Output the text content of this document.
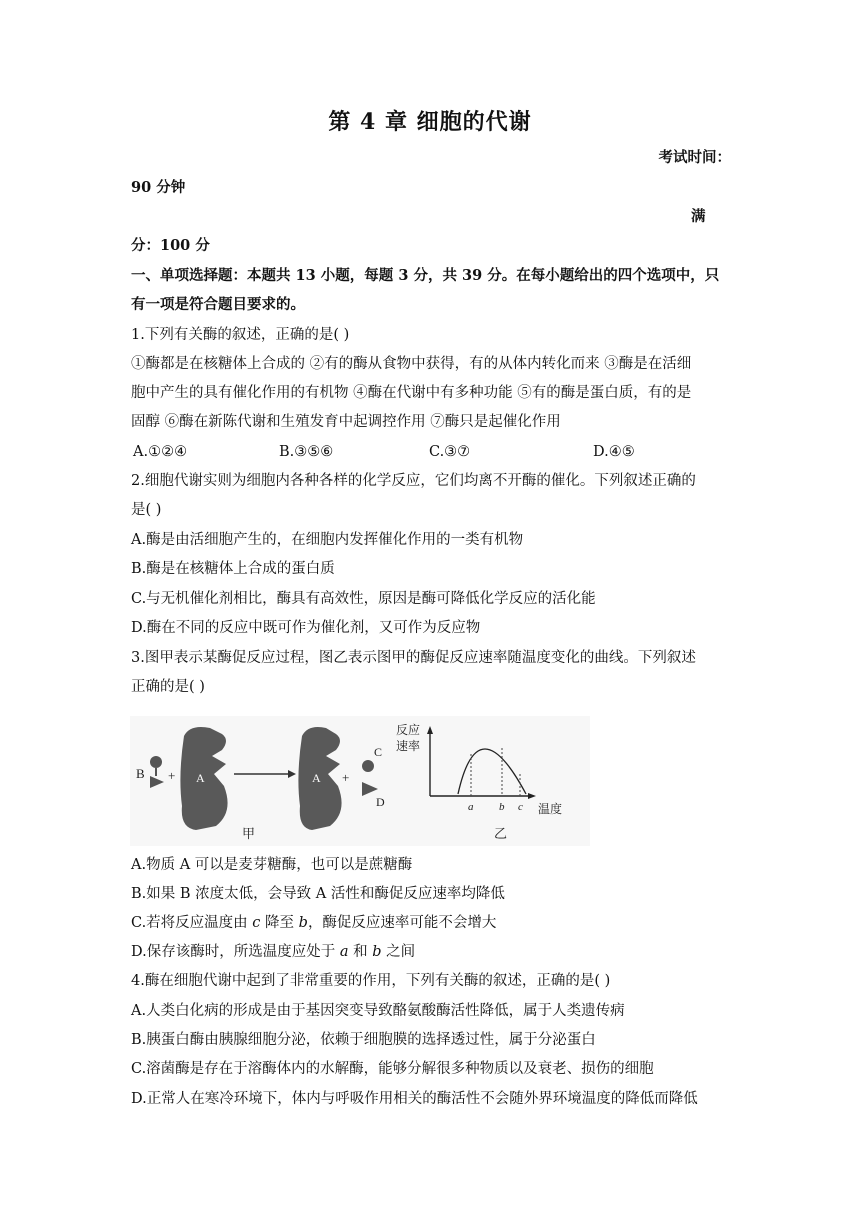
第 4 章 细胞的代谢
考试时间：
90 分钟
满
分：100 分
一、单项选择题：本题共 13 小题，每题 3 分，共 39 分。在每小题给出的四个选项中，只
有一项是符合题目要求的。
1.下列有关酶的叙述，正确的是( )
①酶都是在核糖体上合成的 ②有的酶从食物中获得，有的从体内转化而来 ③酶是在活细
胞中产生的具有催化作用的有机物 ④酶在代谢中有多种功能 ⑤有的酶是蛋白质，有的是
固醇 ⑥酶在新陈代谢和生殖发育中起调控作用 ⑦酶只是起催化作用
A.①②④	B.③⑤⑥	C.③⑦	D.④⑤
2.细胞代谢实则为细胞内各种各样的化学反应，它们均离不开酶的催化。下列叙述正确的
是( )
A.酶是由活细胞产生的，在细胞内发挥催化作用的一类有机物
B.酶是在核糖体上合成的蛋白质
C.与无机催化剂相比，酶具有高效性，原因是酶可降低化学反应的活化能
D.酶在不同的反应中既可作为催化剂，又可作为反应物
3.图甲表示某酶促反应过程，图乙表示图甲的酶促反应速率随温度变化的曲线。下列叙述
正确的是( )
B + A	A +
C
D
甲
反应
速率
温度
a b c
乙
A.物质 A 可以是麦芽糖酶，也可以是蔗糖酶
B.如果 B 浓度太低，会导致 A 活性和酶促反应速率均降低
C.若将反应温度由 c 降至 b，酶促反应速率可能不会增大
D.保存该酶时，所选温度应处于 a 和 b 之间
4.酶在细胞代谢中起到了非常重要的作用，下列有关酶的叙述，正确的是( )
A.人类白化病的形成是由于基因突变导致酪氨酸酶活性降低，属于人类遗传病
B.胰蛋白酶由胰腺细胞分泌，依赖于细胞膜的选择透过性，属于分泌蛋白
C.溶菌酶是存在于溶酶体内的水解酶，能够分解很多种物质以及衰老、损伤的细胞
D.正常人在寒冷环境下，体内与呼吸作用相关的酶活性不会随外界环境温度的降低而降低
